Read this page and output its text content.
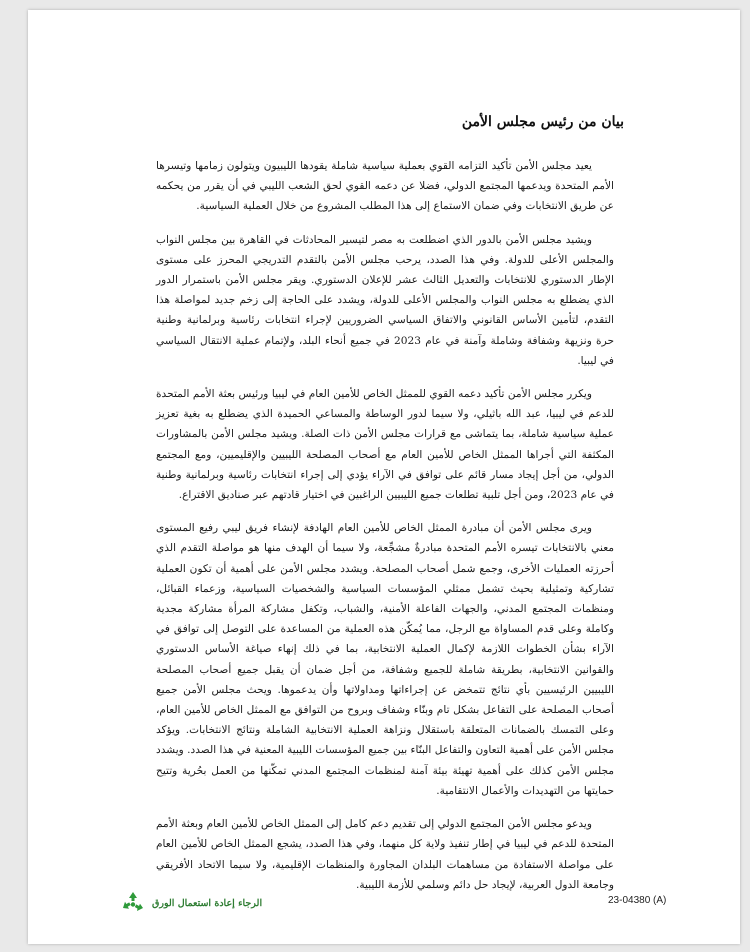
بيان من رئيس مجلس الأمن

يعيد مجلس الأمن تأكيد التزامه القوي بعملية سياسية شاملة يقودها الليبيون ويتولون زمامها وتيسرها الأمم المتحدة ويدعمها المجتمع الدولي، فضلا عن دعمه القوي لحق الشعب الليبي في أن يقرر من يحكمه عن طريق الانتخابات وفي ضمان الاستماع إلى هذا المطلب المشروع من خلال العملية السياسية.

ويشيد مجلس الأمن بالدور الذي اضطلعت به مصر لتيسير المحادثات في القاهرة بين مجلس النواب والمجلس الأعلى للدولة. وفي هذا الصدد، يرحب مجلس الأمن بالتقدم التدريجي المحرز على مستوى الإطار الدستوري للانتخابات والتعديل الثالث عشر للإعلان الدستوري. ويقر مجلس الأمن باستمرار الدور الذي يضطلع به مجلس النواب والمجلس الأعلى للدولة، ويشدد على الحاجة إلى زخم جديد لمواصلة هذا التقدم، لتأمين الأساس القانوني والاتفاق السياسي الضروريين لإجراء انتخابات رئاسية وبرلمانية وطنية حرة ونزيهة وشفافة وشاملة وآمنة في عام 2023 في جميع أنحاء البلد، ولإتمام عملية الانتقال السياسي في ليبيا.

ويكرر مجلس الأمن تأكيد دعمه القوي للممثل الخاص للأمين العام في ليبيا ورئيس بعثة الأمم المتحدة للدعم في ليبيا، عبد الله باثيلي، ولا سيما لدور الوساطة والمساعي الحميدة الذي يضطلع به بغية تعزيز عملية سياسية شاملة، بما يتماشى مع قرارات مجلس الأمن ذات الصلة. ويشيد مجلس الأمن بالمشاورات المكثفة التي أجراها الممثل الخاص للأمين العام مع أصحاب المصلحة الليبيين والإقليميين، ومع المجتمع الدولي، من أجل إيجاد مسار قائم على توافق في الآراء يؤدي إلى إجراء انتخابات رئاسية وبرلمانية وطنية في عام 2023، ومن أجل تلبية تطلعات جميع الليبيين الراغبين في اختيار قادتهم عبر صناديق الاقتراع.

ويرى مجلس الأمن أن مبادرة الممثل الخاص للأمين العام الهادفة لإنشاء فريق ليبي رفيع المستوى معني بالانتخابات تيسره الأمم المتحدة مبادرةٌ مشجِّعة، ولا سيما أن الهدف منها هو مواصلة التقدم الذي أحرزته العمليات الأخرى، وجمع شمل أصحاب المصلحة. ويشدد مجلس الأمن على أهمية أن تكون العملية تشاركية وتمثيلية بحيث تشمل ممثلي المؤسسات السياسية والشخصيات السياسية، وزعماء القبائل، ومنظمات المجتمع المدني، والجهات الفاعلة الأمنية، والشباب، وتكفل مشاركة المرأة مشاركة مجدية وكاملة وعلى قدم المساواة مع الرجل، مما يُمكّن هذه العملية من المساعدة على التوصل إلى توافق في الآراء بشأن الخطوات اللازمة لإكمال العملية الانتخابية، بما في ذلك إنهاء صياغة الأساس الدستوري والقوانين الانتخابية، بطريقة شاملة للجميع وشفافة، من أجل ضمان أن يقبل جميع أصحاب المصلحة الليبيين الرئيسيين بأي نتائج تتمخض عن إجراءاتها ومداولاتها وأن يدعموها. ويحث مجلس الأمن جميع أصحاب المصلحة على التفاعل بشكل تام وبنّاء وشفاف وبروح من التوافق مع الممثل الخاص للأمين العام، وعلى التمسك بالضمانات المتعلقة باستقلال ونزاهة العملية الانتخابية الشاملة ونتائج الانتخابات. ويؤكد مجلس الأمن على أهمية التعاون والتفاعل البنّاء بين جميع المؤسسات الليبية المعنية في هذا الصدد. ويشدد مجلس الأمن كذلك على أهمية تهيئة بيئة آمنة لمنظمات المجتمع المدني تمكّنها من العمل بحُرية وتتيح حمايتها من التهديدات والأعمال الانتقامية.

ويدعو مجلس الأمن المجتمع الدولي إلى تقديم دعم كامل إلى الممثل الخاص للأمين العام وبعثة الأمم المتحدة للدعم في ليبيا في إطار تنفيذ ولاية كل منهما، وفي هذا الصدد، يشجع الممثل الخاص للأمين العام على مواصلة الاستفادة من مساهمات البلدان المجاورة والمنظمات الإقليمية، ولا سيما الاتحاد الأفريقي وجامعة الدول العربية، لإيجاد حل دائم وسلمي للأزمة الليبية.

الرجاء إعادة استعمال الورق	23-04380 (A)
